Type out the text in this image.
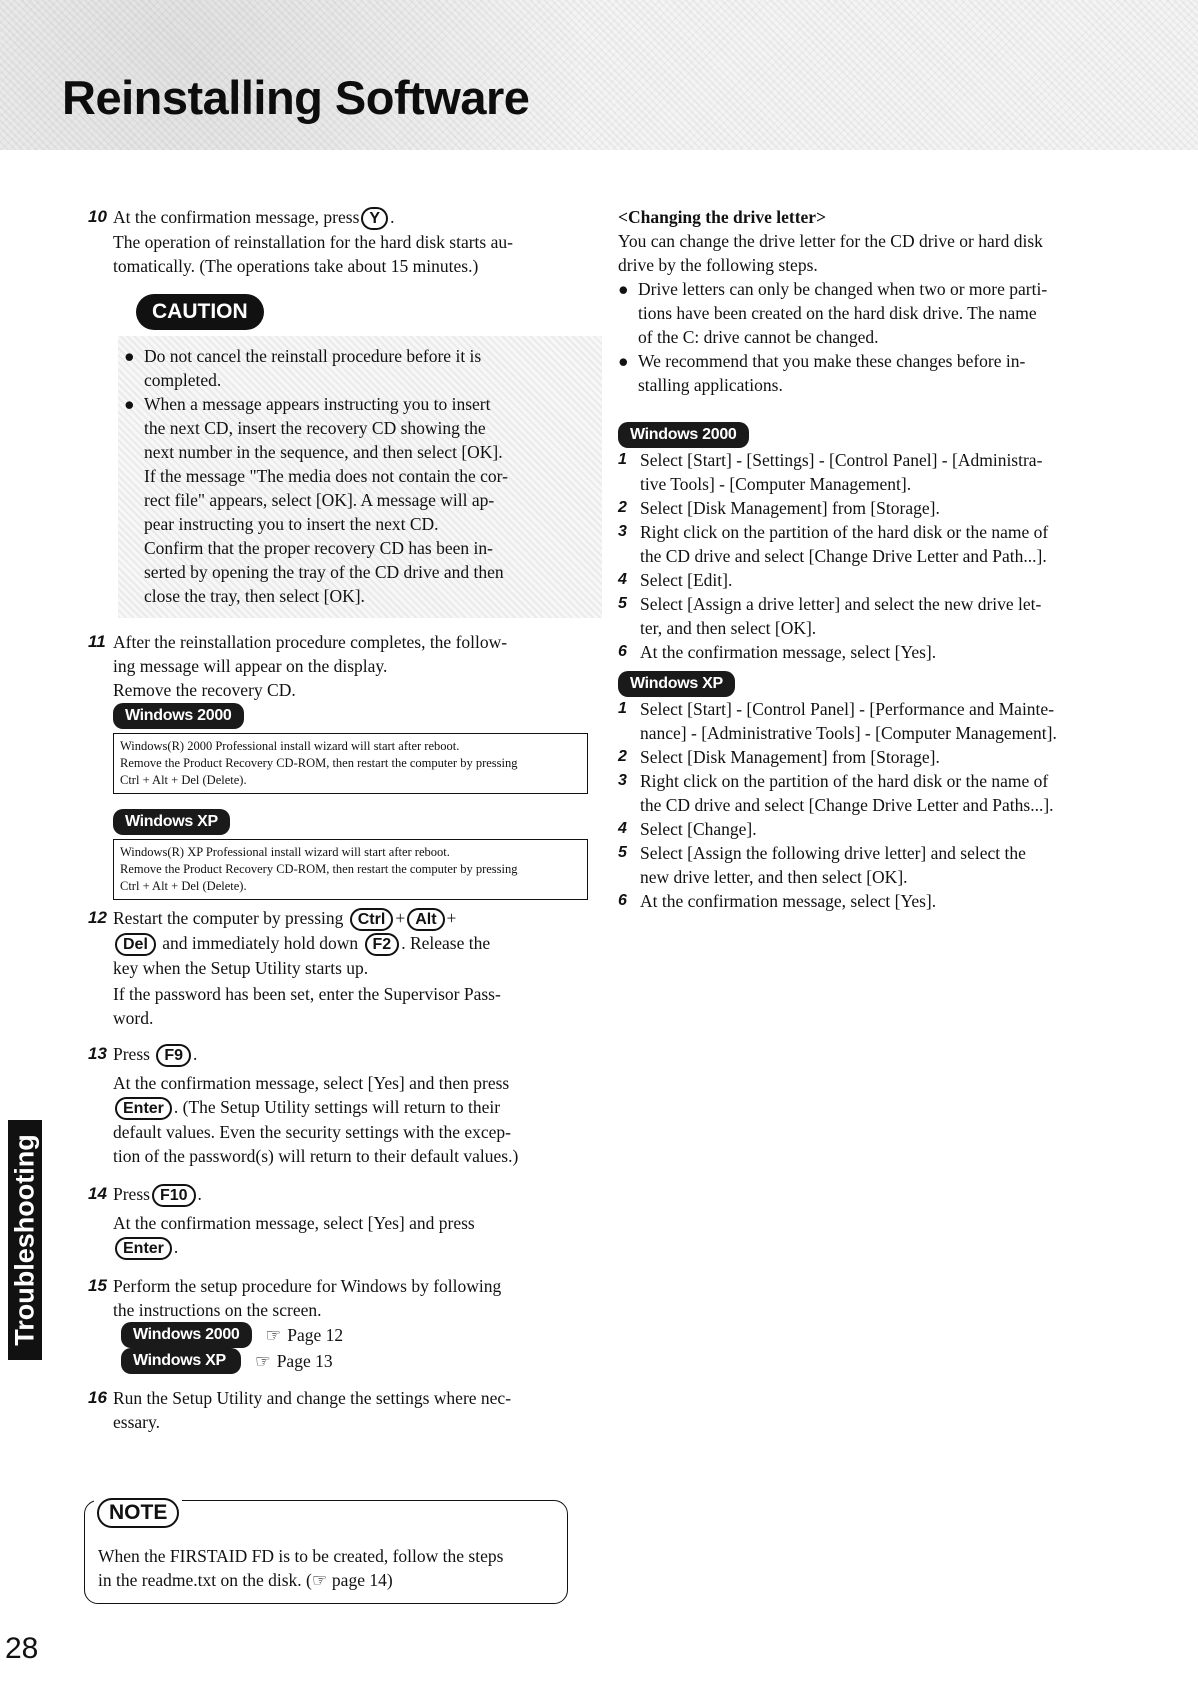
Reinstalling Software
10 At the confirmation message, press Y .
The operation of reinstallation for the hard disk starts au-
tomatically. (The operations take about 15 minutes.)
CAUTION
● Do not cancel the reinstall procedure before it is
completed.
● When a message appears instructing you to insert
the next CD, insert the recovery CD showing the
next number in the sequence, and then select [OK].
If the message "The media does not contain the cor-
rect file" appears, select [OK]. A message will ap-
pear instructing you to insert the next CD.
Confirm that the proper recovery CD has been in-
serted by opening the tray of the CD drive and then
close the tray, then select [OK].
11 After the reinstallation procedure completes, the follow-
ing message will appear on the display.
Remove the recovery CD.
Windows 2000
Windows(R) 2000 Professional install wizard will start after reboot.
Remove the Product Recovery CD-ROM, then restart the computer by pressing
Ctrl + Alt + Del (Delete).
Windows XP
Windows(R) XP Professional install wizard will start after reboot.
Remove the Product Recovery CD-ROM, then restart the computer by pressing
Ctrl + Alt + Del (Delete).
12 Restart the computer by pressing Ctrl + Alt +
Del and immediately hold down F2 . Release the
key when the Setup Utility starts up.
If the password has been set, enter the Supervisor Pass-
word.
13 Press F9 .
At the confirmation message, select [Yes] and then press
Enter . (The Setup Utility settings will return to their
default values. Even the security settings with the excep-
tion of the password(s) will return to their default values.)
14 Press F10 .
At the confirmation message, select [Yes] and press
Enter .
15 Perform the setup procedure for Windows by following
the instructions on the screen.
Windows 2000	☞ Page 12
Windows XP	☞ Page 13
16 Run the Setup Utility and change the settings where nec-
essary.
NOTE
When the FIRSTAID FD is to be created, follow the steps
in the readme.txt on the disk. (☞ page 14)
<Changing the drive letter>
You can change the drive letter for the CD drive or hard disk
drive by the following steps.
● Drive letters can only be changed when two or more parti-
tions have been created on the hard disk drive. The name
of the C: drive cannot be changed.
● We recommend that you make these changes before in-
stalling applications.
Windows 2000
1 Select [Start] - [Settings] - [Control Panel] - [Administra-
tive Tools] - [Computer Management].
2 Select [Disk Management] from [Storage].
3 Right click on the partition of the hard disk or the name of
the CD drive and select [Change Drive Letter and Path...].
4 Select [Edit].
5 Select [Assign a drive letter] and select the new drive let-
ter, and then select [OK].
6 At the confirmation message, select [Yes].
Windows XP
1 Select [Start] - [Control Panel] - [Performance and Mainte-
nance] - [Administrative Tools] - [Computer Management].
2 Select [Disk Management] from [Storage].
3 Right click on the partition of the hard disk or the name of
the CD drive and select [Change Drive Letter and Paths...].
4 Select [Change].
5 Select [Assign the following drive letter] and select the
new drive letter, and then select [OK].
6 At the confirmation message, select [Yes].
Troubleshooting
28
